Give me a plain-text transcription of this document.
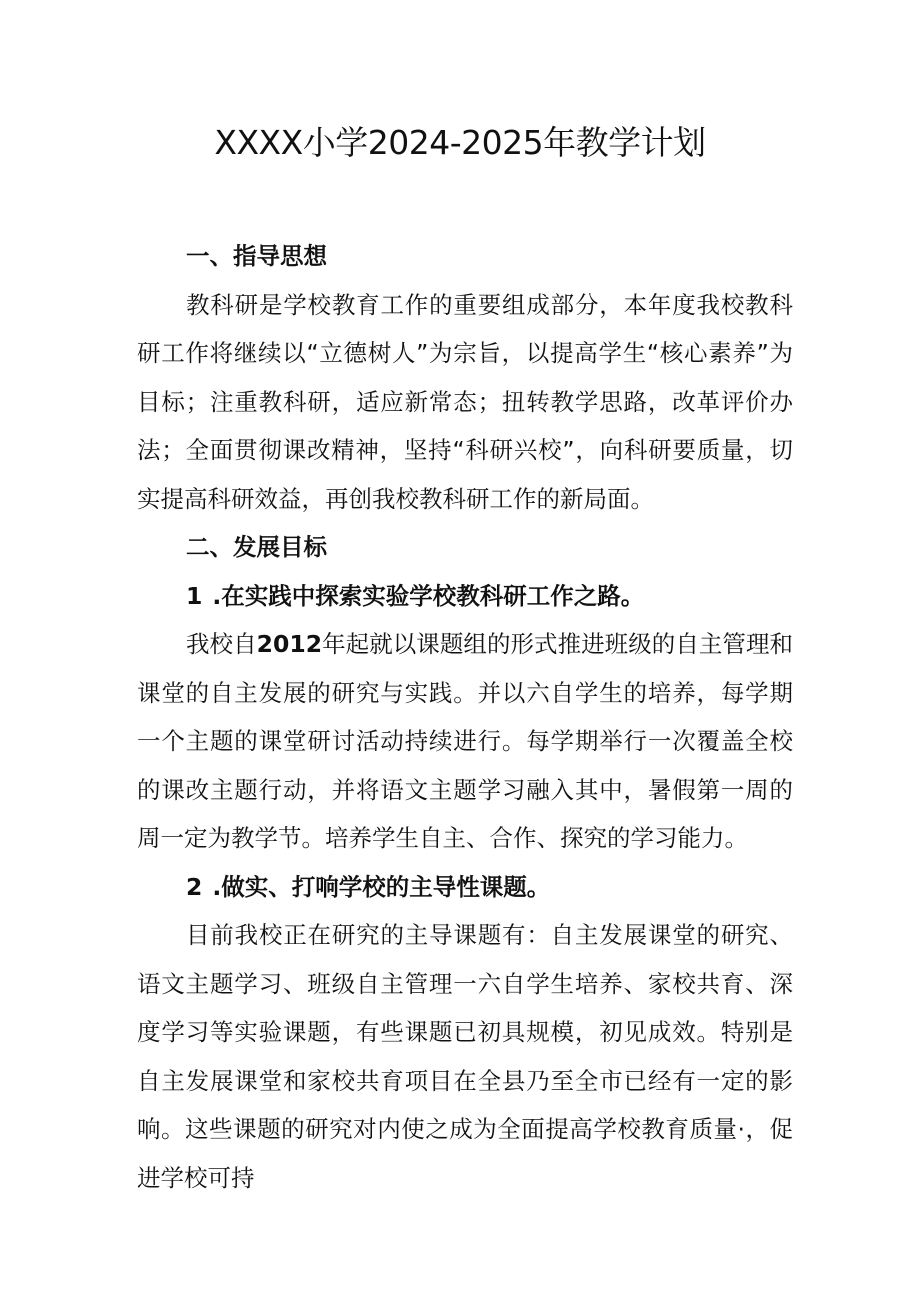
XXXX小学2024-2025年教学计划

一、指导思想

教科研是学校教育工作的重要组成部分，本年度我校教科研工作将继续以“立德树人”为宗旨，以提高学生“核心素养”为目标；注重教科研，适应新常态；扭转教学思路，改革评价办法；全面贯彻课改精神，坚持“科研兴校”，向科研要质量，切实提高科研效益，再创我校教科研工作的新局面。

二、发展目标

1 .在实践中探索实验学校教科研工作之路。

我校自2012年起就以课题组的形式推进班级的自主管理和课堂的自主发展的研究与实践。并以六自学生的培养，每学期一个主题的课堂研讨活动持续进行。每学期举行一次覆盖全校的课改主题行动，并将语文主题学习融入其中，暑假第一周的周一定为教学节。培养学生自主、合作、探究的学习能力。

2 .做实、打响学校的主导性课题。

目前我校正在研究的主导课题有：自主发展课堂的研究、语文主题学习、班级自主管理一六自学生培养、家校共育、深度学习等实验课题，有些课题已初具规模，初见成效。特别是自主发展课堂和家校共育项目在全县乃至全市已经有一定的影响。这些课题的研究对内使之成为全面提高学校教育质量·，促进学校可持
